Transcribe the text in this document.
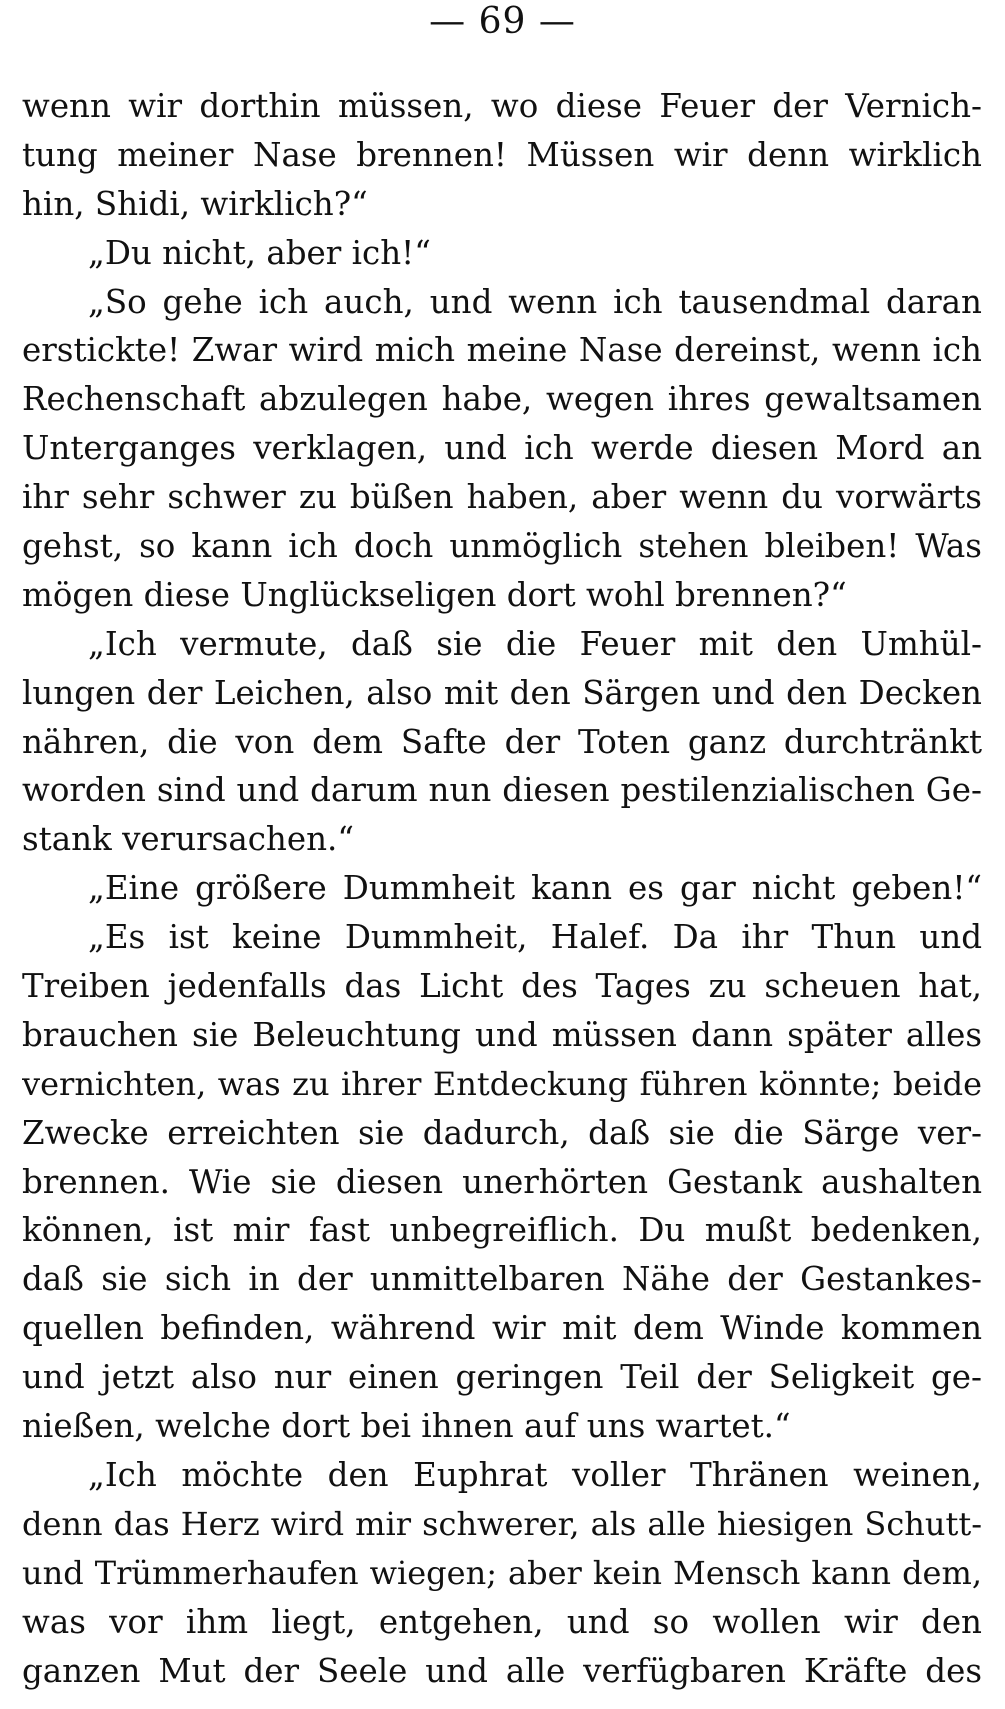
— 69 —
wenn wir dorthin müssen, wo diese Feuer der Vernich-
tung meiner Nase brennen! Müssen wir denn wirklich
hin, Shidi, wirklich?“
„Du nicht, aber ich!“
„So gehe ich auch, und wenn ich tausendmal daran
erstickte! Zwar wird mich meine Nase dereinst, wenn ich
Rechenschaft abzulegen habe, wegen ihres gewaltsamen
Unterganges verklagen, und ich werde diesen Mord an
ihr sehr schwer zu büßen haben, aber wenn du vorwärts
gehst, so kann ich doch unmöglich stehen bleiben! Was
mögen diese Unglückseligen dort wohl brennen?“
„Ich vermute, daß sie die Feuer mit den Umhül-
lungen der Leichen, also mit den Särgen und den Decken
nähren, die von dem Safte der Toten ganz durchtränkt
worden sind und darum nun diesen pestilenzialischen Ge-
stank verursachen.“
„Eine größere Dummheit kann es gar nicht geben!“
„Es ist keine Dummheit, Halef. Da ihr Thun und
Treiben jedenfalls das Licht des Tages zu scheuen hat,
brauchen sie Beleuchtung und müssen dann später alles
vernichten, was zu ihrer Entdeckung führen könnte; beide
Zwecke erreichten sie dadurch, daß sie die Särge ver-
brennen. Wie sie diesen unerhörten Gestank aushalten
können, ist mir fast unbegreiflich. Du mußt bedenken,
daß sie sich in der unmittelbaren Nähe der Gestankes-
quellen befinden, während wir mit dem Winde kommen
und jetzt also nur einen geringen Teil der Seligkeit ge-
nießen, welche dort bei ihnen auf uns wartet.“
„Ich möchte den Euphrat voller Thränen weinen,
denn das Herz wird mir schwerer, als alle hiesigen Schutt-
und Trümmerhaufen wiegen; aber kein Mensch kann dem,
was vor ihm liegt, entgehen, und so wollen wir den
ganzen Mut der Seele und alle verfügbaren Kräfte des
